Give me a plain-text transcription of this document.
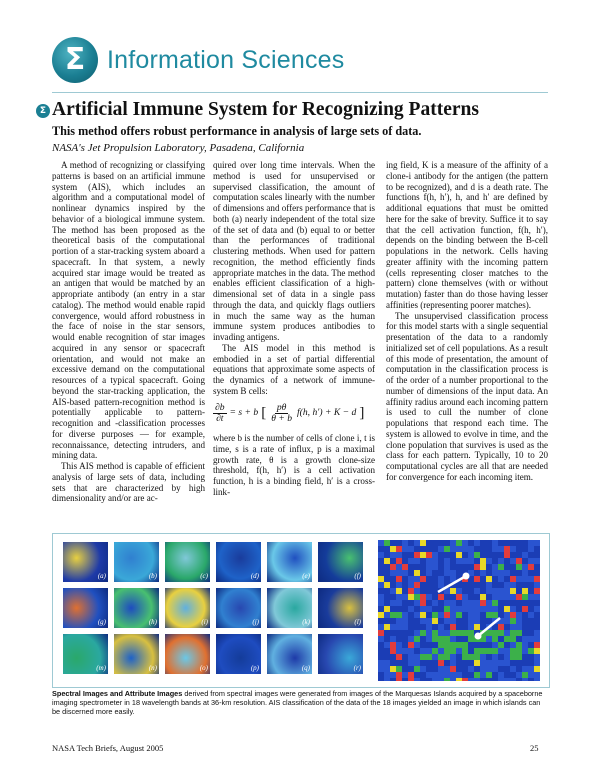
Σ Information Sciences
Σ Artificial Immune System for Recognizing Patterns
This method offers robust performance in analysis of large sets of data.
NASA's Jet Propulsion Laboratory, Pasadena, California

A method of recognizing or classifying patterns is based on an artificial immune system (AIS), which includes an algorithm and a computational model of nonlinear dynamics inspired by the behavior of a biological immune system. The method has been proposed as the theoretical basis of the computational portion of a star-tracking system aboard a spacecraft. In that system, a newly acquired star image would be treated as an antigen that would be matched by an appropriate antibody (an entry in a star catalog). The method would enable rapid convergence, would afford robustness in the face of noise in the star sensors, would enable recognition of star images acquired in any sensor or spacecraft orientation, and would not make an excessive demand on the computational resources of a typical spacecraft. Going beyond the star-tracking application, the AIS-based pattern-recognition method is potentially applicable to pattern-recognition and -classification processes for diverse purposes — for example, reconnaissance, detecting intruders, and mining data.

This AIS method is capable of efficient analysis of large sets of data, including sets that are characterized by high dimensionality and/or are ac-

quired over long time intervals. When the method is used for unsupervised or supervised classification, the amount of computation scales linearly with the number of dimensions and offers performance that is both (a) nearly independent of the total size of the set of data and (b) equal to or better than the performances of traditional clustering methods. When used for pattern recognition, the method efficiently finds appropriate matches in the data. The method enables efficient classification of a high-dimensional set of data in a single pass through the data, and quickly flags outliers in much the same way as the human immune system produces antibodies to invading antigens.

The AIS model in this method is embodied in a set of partial differential equations that approximate some aspects of the dynamics of a network of immune-system B cells:

$\frac{\partial b}{\partial t} = s + b$ [ $\frac{p\theta}{\theta + b} f(h$, h′) + K − d ]

where b is the number of cells of clone i, t is time, s is a rate of influx, p is a maximal growth rate, θ is a growth clone-size threshold, f(h, h′) is a cell activation function, h is a binding field, h′ is a cross-link-

ing field, K is a measure of the affinity of a clone-i antibody for the antigen (the pattern to be recognized), and d is a death rate. The functions f(h, h′), h, and h′ are defined by additional equations that must be omitted here for the sake of brevity. Suffice it to say that the cell activation function, f(h, h′), depends on the binding between the B-cell populations in the network. Cells having greater affinity with the incoming pattern (cells representing closer matches to the pattern) clone themselves (with or without mutation) faster than do those having lesser affinities (representing poorer matches).

The unsupervised classification process for this model starts with a single sequential presentation of the data to a randomly initialized set of cell populations. As a result of this mode of presentation, the amount of computation in the classification process is of the order of a number proportional to the number of dimensions of the input data. An affinity radius around each incoming pattern is used to cull the number of clone populations that respond each time. The system is allowed to evolve in time, and the clone population that survives is used as the class for each pattern. Typically, 10 to 20 computational cycles are all that are needed for convergence for each incoming item.

(a)	(b)	(c)	(d)	(e)	(f)
(g)	(h)	(i)	(j)	(k)	(l)
(m)	(n)	(o)	(p)	(q)	(r)
Spectral Images and Attribute Images derived from spectral images were generated from images of the Marquesas Islands acquired by a spaceborne imaging spectrometer in 18 wavelength bands at 36-km resolution. AIS classification of the data of the 18 images yielded an image in which islands can be discerned more easily.
NASA Tech Briefs, August 2005	25
